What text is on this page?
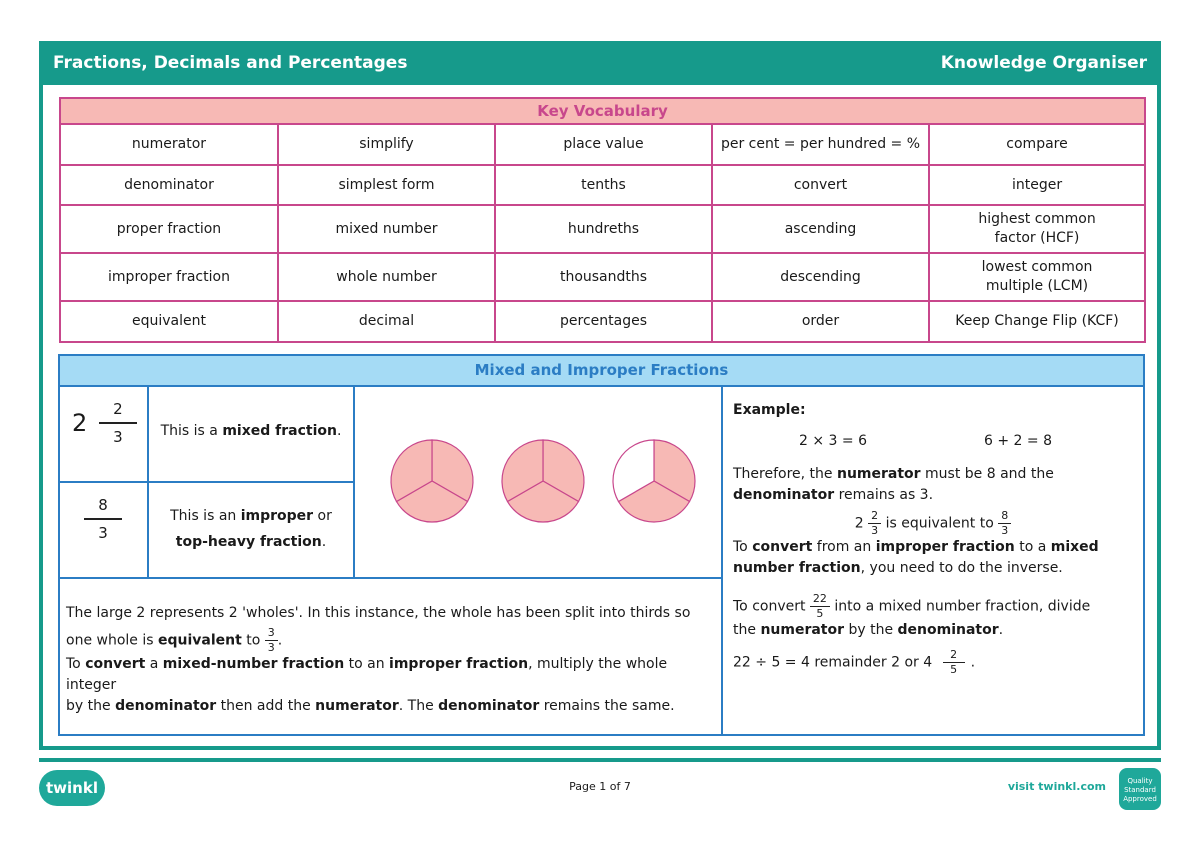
Fractions, Decimals and Percentages	Knowledge Organiser
Key Vocabulary				
numerator	simplify	place value	per cent = per hundred = %	compare
denominator	simplest form	tenths	convert	integer
proper fraction	mixed number	hundreths	ascending	highest common
factor (HCF)
improper fraction	whole number	thousandths	descending	lowest common
multiple (LCM)
equivalent	decimal	percentages	order	Keep Change Flip (KCF)
Mixed and Improper Fractions
$2 \frac{2}{3}$	This is a mixed fraction.
$\frac{8}{3}$	This is an improper or
top-heavy fraction.

The large 2 represents 2 'wholes'. In this instance, the whole has been split into thirds so

one whole is equivalent to $\frac{3}{3}$ .

To convert a mixed-number fraction to an improper fraction, multiply the whole integer

by the denominator then add the numerator. The denominator remains the same.

Example:

2 × 3 = 6	6 + 2 = 8

Therefore, the numerator must be 8 and the

denominator remains as 3.

$2 \frac{2}{3}$ is equivalent to $\frac{8}{3}$

To convert from an improper fraction to a mixed

number fraction, you need to do the inverse.

To convert $\frac{22}{5}$ into a mixed number fraction, divide

the numerator by the denominator.

22 ÷ 5 = 4 remainder 2 or $4 \frac{2}{5}$ .

twinkl	Page 1 of 7	visit twinkl.com	Quality Standard Approved
